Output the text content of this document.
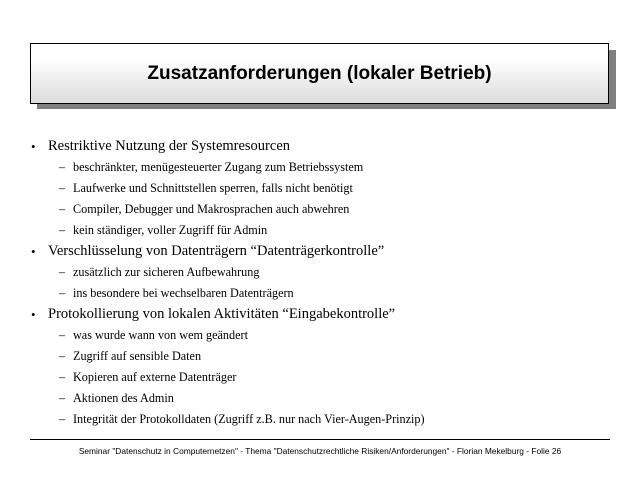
Zusatzanforderungen (lokaler Betrieb)
• Restriktive Nutzung der Systemresourcen
– beschränkter, menügesteuerter Zugang zum Betriebssystem
– Laufwerke und Schnittstellen sperren, falls nicht benötigt
– Compiler, Debugger und Makrosprachen auch abwehren
– kein ständiger, voller Zugriff für Admin
• Verschlüsselung von Datenträgern “Datenträgerkontrolle”
– zusätzlich zur sicheren Aufbewahrung
– ins besondere bei wechselbaren Datenträgern
• Protokollierung von lokalen Aktivitäten “Eingabekontrolle”
– was wurde wann von wem geändert
– Zugriff auf sensible Daten
– Kopieren auf externe Datenträger
– Aktionen des Admin
– Integrität der Protokolldaten (Zugriff z.B. nur nach Vier-Augen-Prinzip)
Seminar "Datenschutz in Computernetzen" - Thema "Datenschutzrechtliche Risiken/Anforderungen" - Florian Mekelburg - Folie 26
